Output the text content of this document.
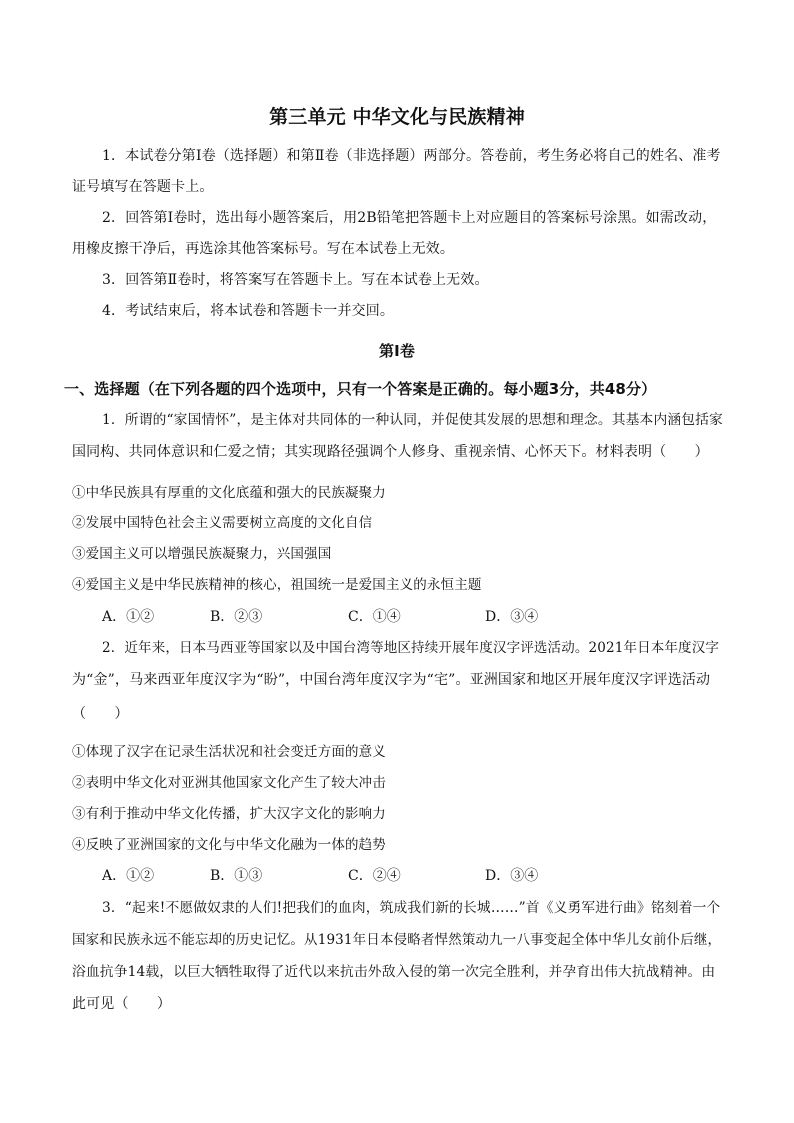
第三单元 中华文化与民族精神
1．本试卷分第Ⅰ卷（选择题）和第Ⅱ卷（非选择题）两部分。答卷前，考生务必将自己的姓名、准考
证号填写在答题卡上。
2．回答第Ⅰ卷时，选出每小题答案后，用2B铅笔把答题卡上对应题目的答案标号涂黑。如需改动，
用橡皮擦干净后，再选涂其他答案标号。写在本试卷上无效。
3．回答第Ⅱ卷时，将答案写在答题卡上。写在本试卷上无效。
4．考试结束后，将本试卷和答题卡一并交回。
第Ⅰ卷
一、选择题（在下列各题的四个选项中，只有一个答案是正确的。每小题3分，共48分）
1．所谓的“家国情怀”，是主体对共同体的一种认同，并促使其发展的思想和理念。其基本内涵包括家
国同构、共同体意识和仁爱之情；其实现路径强调个人修身、重视亲情、心怀天下。材料表明（　　）
①中华民族具有厚重的文化底蕴和强大的民族凝聚力
②发展中国特色社会主义需要树立高度的文化自信
③爱国主义可以增强民族凝聚力，兴国强国
④爱国主义是中华民族精神的核心，祖国统一是爱国主义的永恒主题
A．①②	B．②③	C．①④	D．③④
2．近年来，日本马西亚等国家以及中国台湾等地区持续开展年度汉字评选活动。2021年日本年度汉字
为“金”，马来西亚年度汉字为“盼”，中国台湾年度汉字为“宅”。亚洲国家和地区开展年度汉字评选活动
（　　）
①体现了汉字在记录生活状况和社会变迁方面的意义
②表明中华文化对亚洲其他国家文化产生了较大冲击
③有利于推动中华文化传播，扩大汉字文化的影响力
④反映了亚洲国家的文化与中华文化融为一体的趋势
A．①②	B．①③	C．②④	D．③④
3．“起来!不愿做奴隶的人们!把我们的血肉，筑成我们新的长城……”首《义勇军进行曲》铭刻着一个
国家和民族永远不能忘却的历史记忆。从1931年日本侵略者悍然策动九一八事变起全体中华儿女前仆后继，
浴血抗争14载，以巨大牺牲取得了近代以来抗击外敌入侵的第一次完全胜利，并孕育出伟大抗战精神。由
此可见（　　）
